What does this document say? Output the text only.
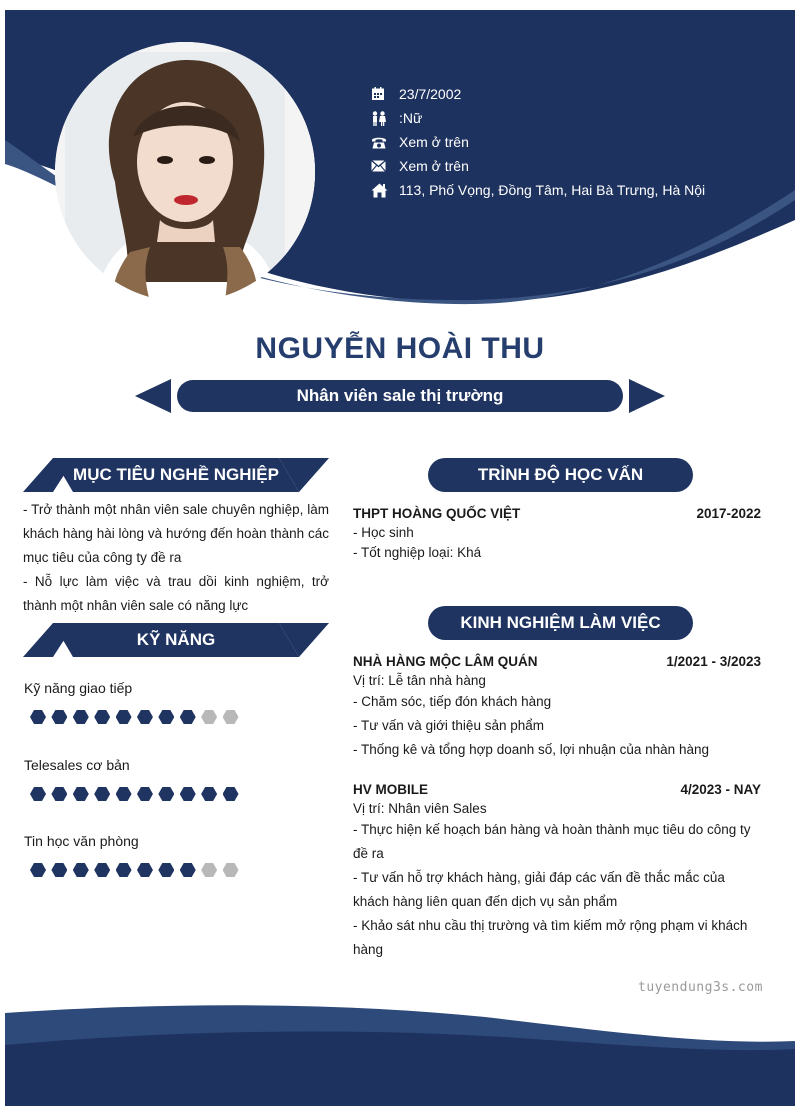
23/7/2002
:Nữ
Xem ở trên
Xem ở trên
113, Phố Vọng, Đồng Tâm, Hai Bà Trưng, Hà Nội
NGUYỄN HOÀI THU
Nhân viên sale thị trường
MỤC TIÊU NGHỀ NGHIỆP
- Trở thành một nhân viên sale chuyên nghiệp, làm khách hàng hài lòng và hướng đến hoàn thành các mục tiêu của công ty đề ra
- Nỗ lực làm việc và trau dồi kinh nghiệm, trở thành một nhân viên sale có năng lực
KỸ NĂNG
Kỹ năng giao tiếp
Telesales cơ bản
Tin học văn phòng
TRÌNH ĐỘ HỌC VẤN
THPT HOÀNG QUỐC VIỆT	2017-2022
- Học sinh
- Tốt nghiệp loại: Khá
KINH NGHIỆM LÀM VIỆC
NHÀ HÀNG MỘC LÂM QUÁN	1/2021 - 3/2023
Vị trí: Lễ tân nhà hàng
- Chăm sóc, tiếp đón khách hàng
- Tư vấn và giới thiệu sản phẩm
- Thống kê và tổng hợp doanh số, lợi nhuận của nhàn hàng
HV MOBILE	4/2023 - NAY
Vị trí: Nhân viên Sales
- Thực hiện kế hoạch bán hàng và hoàn thành mục tiêu do công ty đề ra
- Tư vấn hỗ trợ khách hàng, giải đáp các vấn đề thắc mắc của khách hàng liên quan đến dịch vụ sản phẩm
- Khảo sát nhu cầu thị trường và tìm kiếm mở rộng phạm vi khách hàng
tuyendung3s.com
